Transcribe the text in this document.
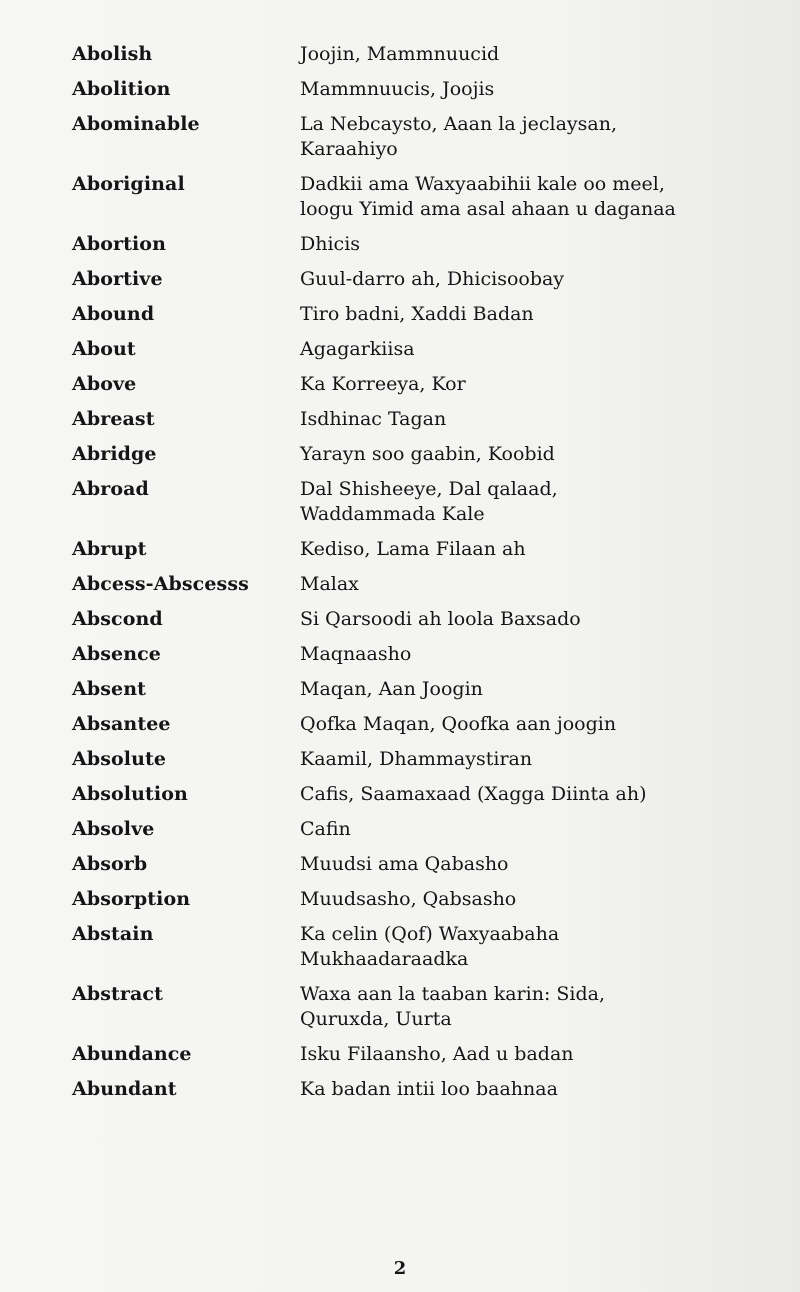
Abolish	Joojin, Mammnuucid
Abolition	Mammnuucis, Joojis
Abominable	La Nebcaysto, Aaan la jeclaysan,
Karaahiyo
Aboriginal	Dadkii ama Waxyaabihii kale oo meel,
loogu Yimid ama asal ahaan u daganaa
Abortion	Dhicis
Abortive	Guul-darro ah, Dhicisoobay
Abound	Tiro badni, Xaddi Badan
About	Agagarkiisa
Above	Ka Korreeya, Kor
Abreast	Isdhinac Tagan
Abridge	Yarayn soo gaabin, Koobid
Abroad	Dal Shisheeye, Dal qalaad,
Waddammada Kale
Abrupt	Kediso, Lama Filaan ah
Abcess-Abscesss	Malax
Abscond	Si Qarsoodi ah loola Baxsado
Absence	Maqnaasho
Absent	Maqan, Aan Joogin
Absantee	Qofka Maqan, Qoofka aan joogin
Absolute	Kaamil, Dhammaystiran
Absolution	Cafis, Saamaxaad (Xagga Diinta ah)
Absolve	Cafin
Absorb	Muudsi ama Qabasho
Absorption	Muudsasho, Qabsasho
Abstain	Ka celin (Qof) Waxyaabaha
Mukhaadaraadka
Abstract	Waxa aan la taaban karin: Sida,
Quruxda, Uurta
Abundance	Isku Filaansho, Aad u badan
Abundant	Ka badan intii loo baahnaa
2
